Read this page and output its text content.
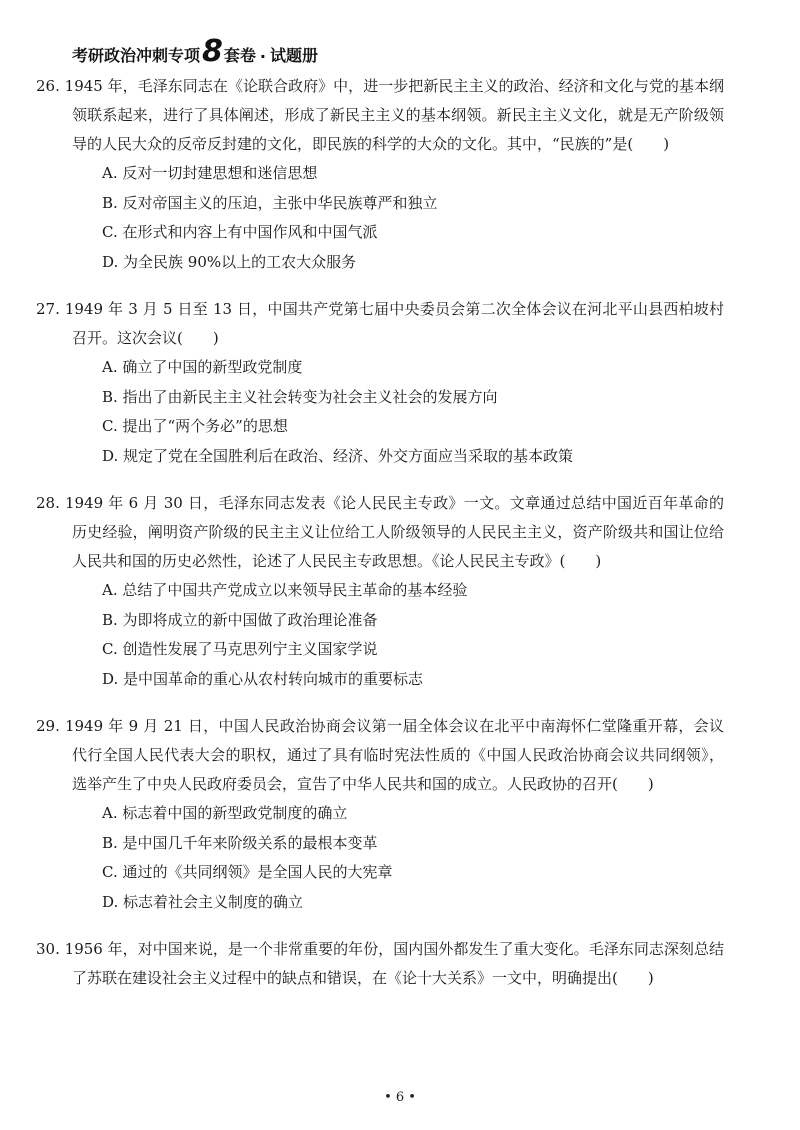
考研政治冲刺专项 8 套卷 · 试题册
26. 1945 年，毛泽东同志在《论联合政府》中，进一步把新民主主义的政治、经济和文化与党的基本纲领联系起来，进行了具体阐述，形成了新民主主义的基本纲领。新民主主义文化，就是无产阶级领导的人民大众的反帝反封建的文化，即民族的科学的大众的文化。其中，“民族的”是(　　)
A. 反对一切封建思想和迷信思想
B. 反对帝国主义的压迫，主张中华民族尊严和独立
C. 在形式和内容上有中国作风和中国气派
D. 为全民族 90%以上的工农大众服务
27. 1949 年 3 月 5 日至 13 日，中国共产党第七届中央委员会第二次全体会议在河北平山县西柏坡村召开。这次会议(　　)
A. 确立了中国的新型政党制度
B. 指出了由新民主主义社会转变为社会主义社会的发展方向
C. 提出了“两个务必”的思想
D. 规定了党在全国胜利后在政治、经济、外交方面应当采取的基本政策
28. 1949 年 6 月 30 日，毛泽东同志发表《论人民民主专政》一文。文章通过总结中国近百年革命的历史经验，阐明资产阶级的民主主义让位给工人阶级领导的人民民主主义，资产阶级共和国让位给人民共和国的历史必然性，论述了人民民主专政思想。《论人民民主专政》(　　)
A. 总结了中国共产党成立以来领导民主革命的基本经验
B. 为即将成立的新中国做了政治理论准备
C. 创造性发展了马克思列宁主义国家学说
D. 是中国革命的重心从农村转向城市的重要标志
29. 1949 年 9 月 21 日，中国人民政治协商会议第一届全体会议在北平中南海怀仁堂隆重开幕，会议代行全国人民代表大会的职权，通过了具有临时宪法性质的《中国人民政治协商会议共同纲领》，选举产生了中央人民政府委员会，宣告了中华人民共和国的成立。人民政协的召开(　　)
A. 标志着中国的新型政党制度的确立
B. 是中国几千年来阶级关系的最根本变革
C. 通过的《共同纲领》是全国人民的大宪章
D. 标志着社会主义制度的确立
30. 1956 年，对中国来说，是一个非常重要的年份，国内国外都发生了重大变化。毛泽东同志深刻总结了苏联在建设社会主义过程中的缺点和错误，在《论十大关系》一文中，明确提出(　　)
• 6 •
